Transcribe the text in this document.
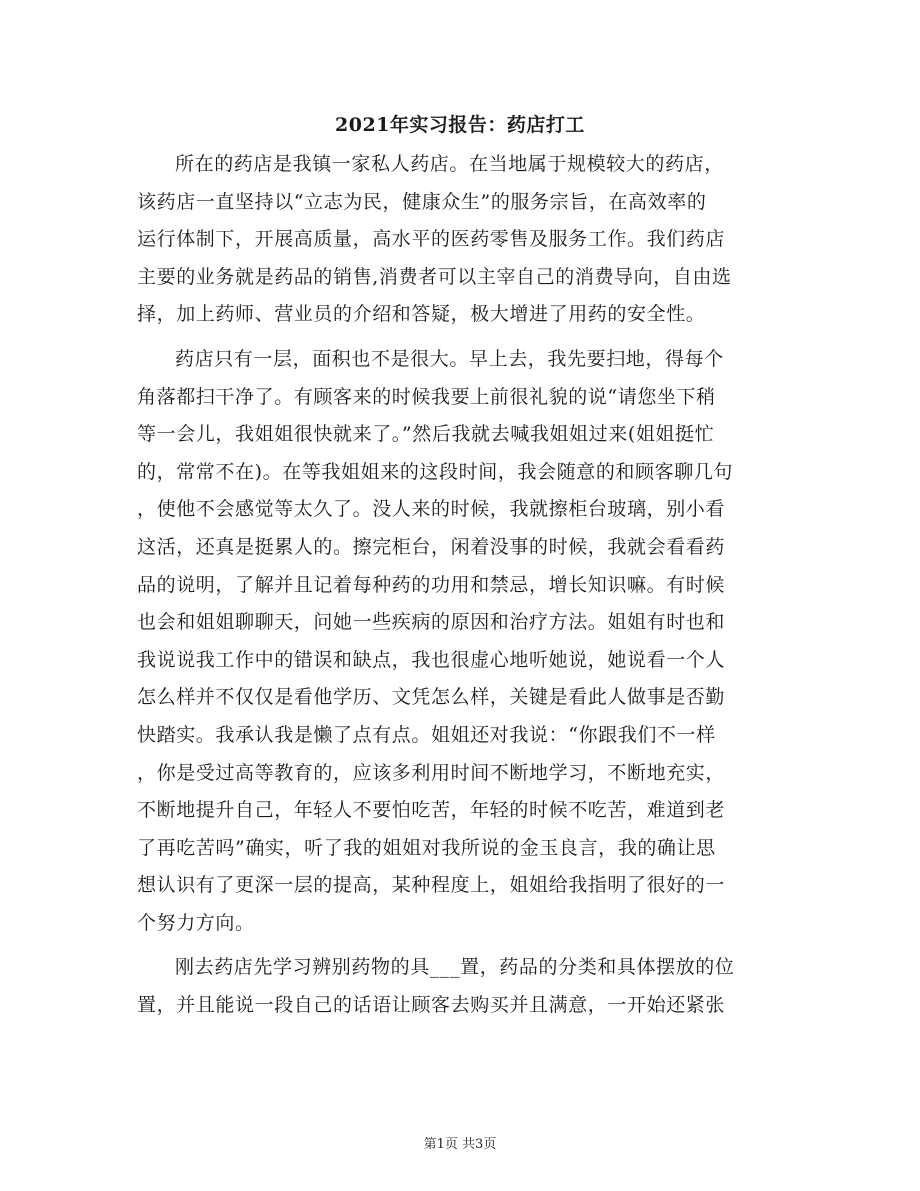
2021年实习报告：药店打工
所在的药店是我镇一家私人药店。在当地属于规模较大的药店，
该药店一直坚持以“立志为民，健康众生”的服务宗旨，在高效率的
运行体制下，开展高质量，高水平的医药零售及服务工作。我们药店
主要的业务就是药品的销售,消费者可以主宰自己的消费导向，自由选
择，加上药师、营业员的介绍和答疑，极大增进了用药的安全性。
药店只有一层，面积也不是很大。早上去，我先要扫地，得每个
角落都扫干净了。有顾客来的时候我要上前很礼貌的说“请您坐下稍
等一会儿，我姐姐很快就来了。”然后我就去喊我姐姐过来(姐姐挺忙
的，常常不在)。在等我姐姐来的这段时间，我会随意的和顾客聊几句
，使他不会感觉等太久了。没人来的时候，我就擦柜台玻璃，别小看
这活，还真是挺累人的。擦完柜台，闲着没事的时候，我就会看看药
品的说明，了解并且记着每种药的功用和禁忌，增长知识嘛。有时候
也会和姐姐聊聊天，问她一些疾病的原因和治疗方法。姐姐有时也和
我说说我工作中的错误和缺点，我也很虚心地听她说，她说看一个人
怎么样并不仅仅是看他学历、文凭怎么样，关键是看此人做事是否勤
快踏实。我承认我是懒了点有点。姐姐还对我说：“你跟我们不一样
，你是受过高等教育的，应该多利用时间不断地学习，不断地充实，
不断地提升自己，年轻人不要怕吃苦，年轻的时候不吃苦，难道到老
了再吃苦吗”确实，听了我的姐姐对我所说的金玉良言，我的确让思
想认识有了更深一层的提高，某种程度上，姐姐给我指明了很好的一
个努力方向。
刚去药店先学习辨别药物的具___置，药品的分类和具体摆放的位
置，并且能说一段自己的话语让顾客去购买并且满意，一开始还紧张
第1页 共3页
